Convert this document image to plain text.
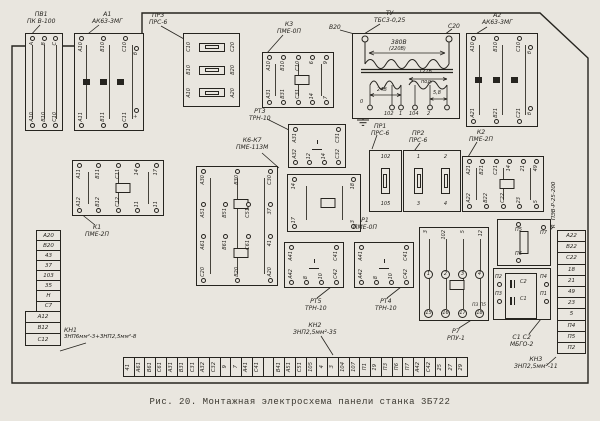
А В С
А10 В10 С10
А10	В10	С10
А11	В11	С11
б
+
С10	С20
В10	В20
А10	А20
А10 В10 С10 6 9
А31 В31 С31 14 7
А10	В10	С10
А21	В21	С21
б
б
А31	С31
А32 12 14 С32
А11	В11	С11	14	17
А12	В12	С12	11	11
А30	В30	С30
А51	В51	С51	37
А61	В61	С61	41
С20	В20	А20
14	18
17	3
102
105
1
3
2
4
А21 В21 С21 14 21 49
А22 В22 С22 23 5
П5
П6
П7
А41	С41
А42 8 10 С42
А41	С41
А42 8 10 С42
3 102 5 12
1	2	3	4
15 16 17 18
П3 П5
380В
(220В)
24В
127В
под.
5,8
0
102 1 104 2
П2
П3
П4
П1
С2
С1
ПВ1
ПК В-100
А1
АК63-3МГ
ПР3
ПРС-6	К3
ПМЕ-0П
ТУ
ТБС3-0,25
А2
АК63-3МГ
РТ3
ТРН-10
К6-К7
ПМЕ-113М
Р1
ПМЕ-0П
ПР1
ПРС-6	ПР2
ПРС-6
К2
ПМЕ-2П
К1
ПМЕ-2П
РТ5
ТРН-10
РТ4
ТРН-10
Р7
РПУ-1	С1 С2
МБГО-2
RПЭВ-Р-25-200
В20	С20
А20
В20
43
37
103
35
Н
С7
А12
В12
С12
41 А61 В61 С61 А31 В31 С31 А32 С32 9 7 А41 С41	В41 А51 С51 105 4 3 104 107 П1 19 П3 П6 П7 А42 С42 25 27 29
А22
В22
С22
18
21
49
23
5
П4
П5
П2
КН1
ЗНП6мм²-3+ЗНП2,5мм²-8
КН2
ЗНП2,5мм²-35
КН3
ЗНП2,5мм²-11
Рис. 20. Монтажная электросхема панели станка 3Б722
